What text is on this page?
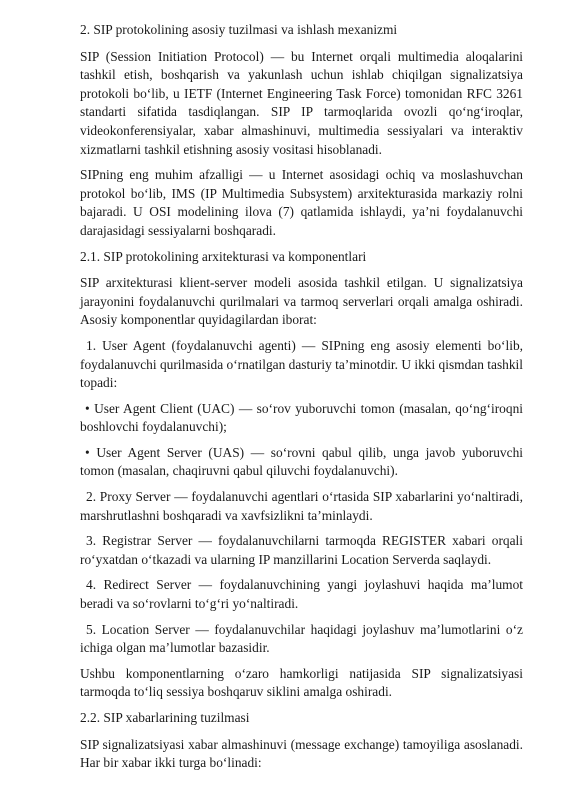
2. SIP protokolining asosiy tuzilmasi va ishlash mexanizmi

SIP (Session Initiation Protocol) — bu Internet orqali multimedia aloqalarini tashkil etish, boshqarish va yakunlash uchun ishlab chiqilgan signalizatsiya protokoli bo‘lib, u IETF (Internet Engineering Task Force) tomonidan RFC 3261 standarti sifatida tasdiqlangan. SIP IP tarmoqlarida ovozli qo‘ng‘iroqlar, videokonferensiyalar, xabar almashinuvi, multimedia sessiyalari va interaktiv xizmatlarni tashkil etishning asosiy vositasi hisoblanadi.

SIPning eng muhim afzalligi — u Internet asosidagi ochiq va moslashuvchan protokol bo‘lib, IMS (IP Multimedia Subsystem) arxitekturasida markaziy rolni bajaradi. U OSI modelining ilova (7) qatlamida ishlaydi, ya’ni foydalanuvchi darajasidagi sessiyalarni boshqaradi.

2.1. SIP protokolining arxitekturasi va komponentlari

SIP arxitekturasi klient-server modeli asosida tashkil etilgan. U signalizatsiya jarayonini foydalanuvchi qurilmalari va tarmoq serverlari orqali amalga oshiradi. Asosiy komponentlar quyidagilardan iborat:

1. User Agent (foydalanuvchi agenti) — SIPning eng asosiy elementi bo‘lib, foydalanuvchi qurilmasida o‘rnatilgan dasturiy ta’minotdir. U ikki qismdan tashkil topadi:

• User Agent Client (UAC) — so‘rov yuboruvchi tomon (masalan, qo‘ng‘iroqni boshlovchi foydalanuvchi);

• User Agent Server (UAS) — so‘rovni qabul qilib, unga javob yuboruvchi tomon (masalan, chaqiruvni qabul qiluvchi foydalanuvchi).

2. Proxy Server — foydalanuvchi agentlari o‘rtasida SIP xabarlarini yo‘naltiradi, marshrutlashni boshqaradi va xavfsizlikni ta’minlaydi.

3. Registrar Server — foydalanuvchilarni tarmoqda REGISTER xabari orqali ro‘yxatdan o‘tkazadi va ularning IP manzillarini Location Serverda saqlaydi.

4. Redirect Server — foydalanuvchining yangi joylashuvi haqida ma’lumot beradi va so‘rovlarni to‘g‘ri yo‘naltiradi.

5. Location Server — foydalanuvchilar haqidagi joylashuv ma’lumotlarini o‘z ichiga olgan ma’lumotlar bazasidir.

Ushbu komponentlarning o‘zaro hamkorligi natijasida SIP signalizatsiyasi tarmoqda to‘liq sessiya boshqaruv siklini amalga oshiradi.

2.2. SIP xabarlarining tuzilmasi

SIP signalizatsiyasi xabar almashinuvi (message exchange) tamoyiliga asoslanadi. Har bir xabar ikki turga bo‘linadi:
